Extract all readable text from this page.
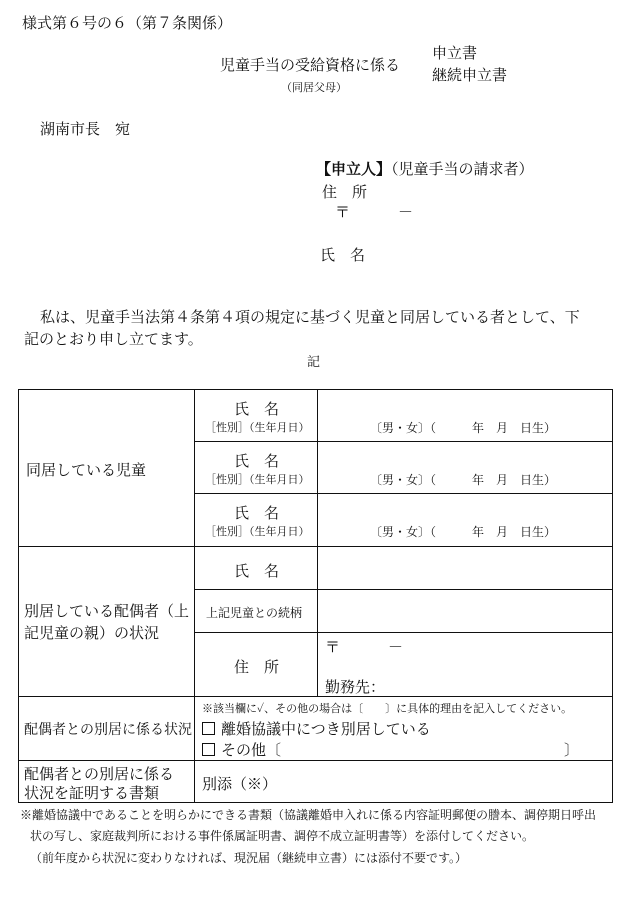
様式第６号の６（第７条関係）
児童手当の受給資格に係る
申立書
継続申立書
（同居父母）
湖南市長　宛
【申立人】（児童手当の請求者）
住　所
〒	－
氏　名
私は、児童手当法第４条第４項の規定に基づく児童と同居している者として、下
記のとおり申し立てます。
記
同居している児童
氏　名
［性別］（生年月日）	〔男・女〕（　　　年　月　日生）
氏　名
［性別］（生年月日）	〔男・女〕（　　　年　月　日生）
氏　名
［性別］（生年月日）	〔男・女〕（　　　年　月　日生）
別居している配偶者（上
記児童の親）の状況
氏　名
上記児童との続柄
住　所
〒	－
勤務先：
配偶者との別居に係る状況
※該当欄に✓、その他の場合は〔　　〕に具体的理由を記入してください。
離婚協議中につき別居している
その他〔	〕
配偶者との別居に係る
状況を証明する書類	別添（※）
※離婚協議中であることを明らかにできる書類（協議離婚申入れに係る内容証明郵便の謄本、調停期日呼出
状の写し、家庭裁判所における事件係属証明書、調停不成立証明書等）を添付してください。
（前年度から状況に変わりなければ、現況届（継続申立書）には添付不要です。）
